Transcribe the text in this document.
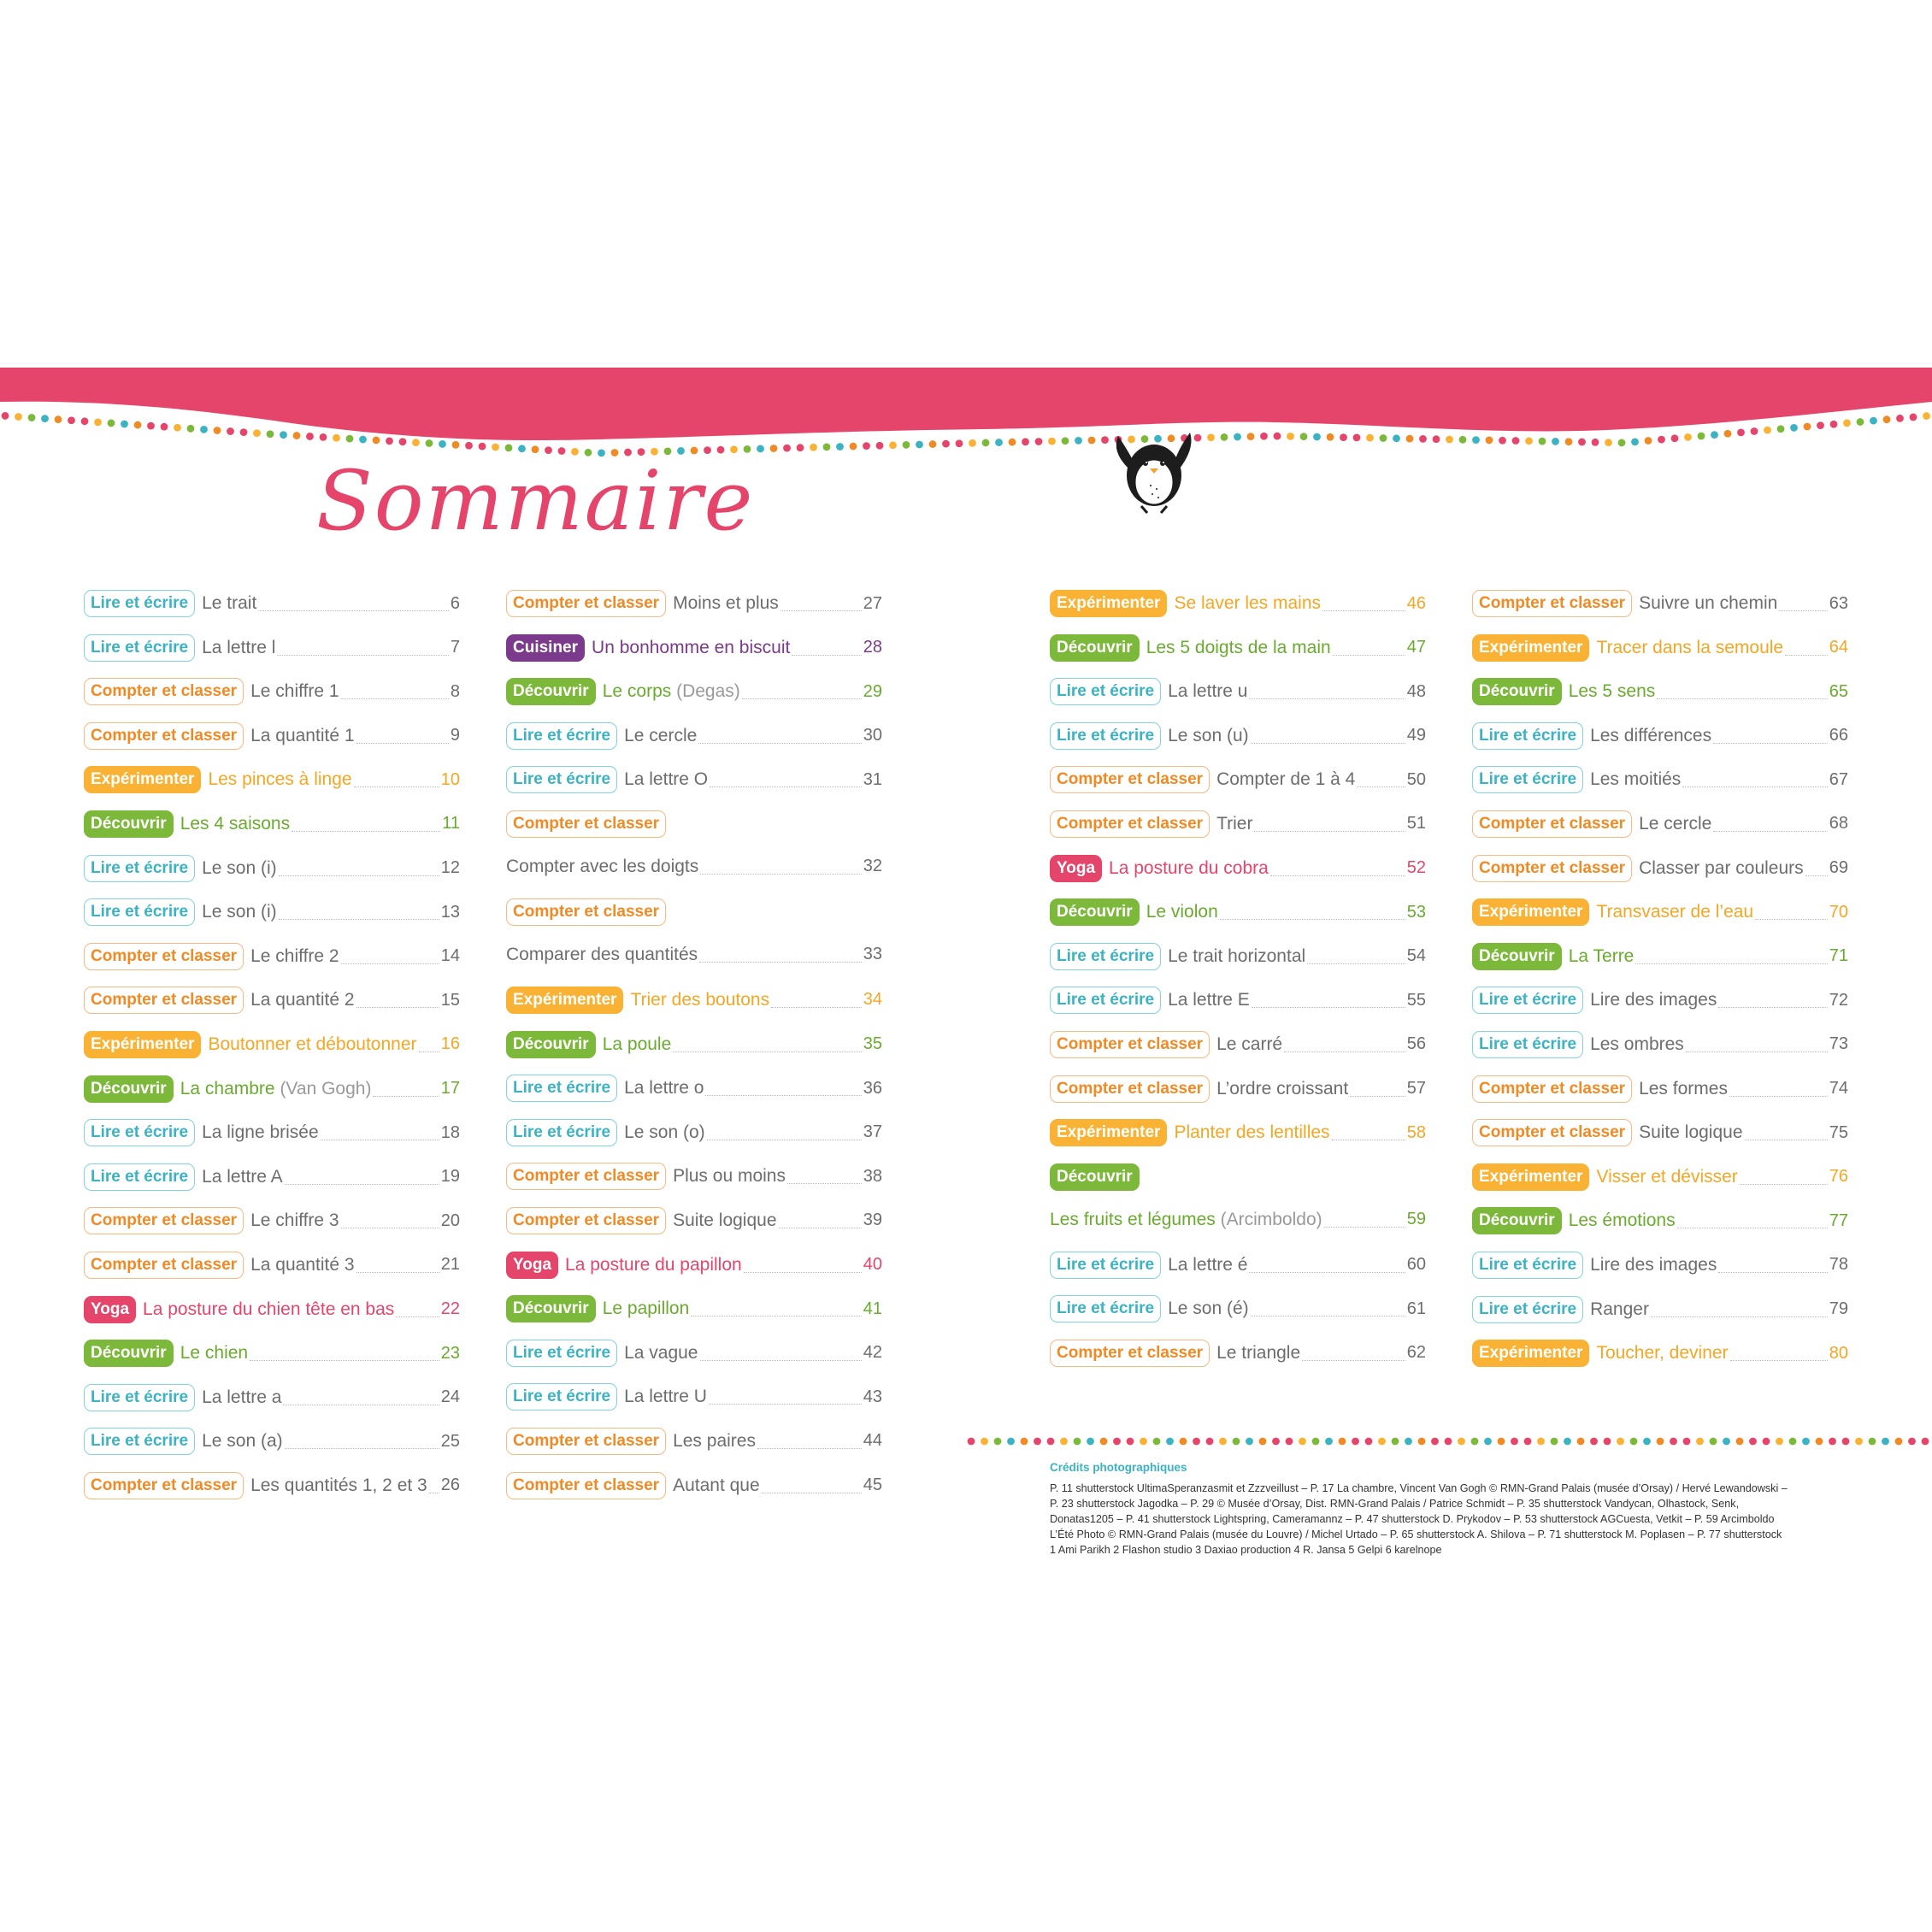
Sommaire
Lire et écrire Le trait	6
Lire et écrire La lettre l	7
Compter et classer Le chiffre 1	8
Compter et classer La quantité 1	9
Expérimenter Les pinces à linge	10
Découvrir Les 4 saisons	11
Lire et écrire Le son (i)	12
Lire et écrire Le son (i)	13
Compter et classer Le chiffre 2	14
Compter et classer La quantité 2	15
Expérimenter Boutonner et déboutonner 16
Découvrir La chambre (Van Gogh)	17
Lire et écrire La ligne brisée	18
Lire et écrire La lettre A	19
Compter et classer Le chiffre 3	20
Compter et classer La quantité 3	21
Yoga La posture du chien tête en bas	22
Découvrir Le chien	23
Lire et écrire La lettre a	24
Lire et écrire Le son (a)	25
Compter et classer Les quantités 1, 2 et 3 26
Compter et classer Moins et plus	27
Cuisiner Un bonhomme en biscuit	28
Découvrir Le corps (Degas)	29
Lire et écrire Le cercle	30
Lire et écrire La lettre O	31
Compter et classer
Compter avec les doigts	32
Compter et classer
Comparer des quantités	33
Expérimenter Trier des boutons	34
Découvrir La poule	35
Lire et écrire La lettre o	36
Lire et écrire Le son (o)	37
Compter et classer Plus ou moins	38
Compter et classer Suite logique	39
Yoga La posture du papillon	40
Découvrir Le papillon	41
Lire et écrire La vague	42
Lire et écrire La lettre U	43
Compter et classer Les paires	44
Compter et classer Autant que	45
Expérimenter Se laver les mains	46
Découvrir Les 5 doigts de la main	47
Lire et écrire La lettre u	48
Lire et écrire Le son (u)	49
Compter et classer Compter de 1 à 4	50
Compter et classer Trier	51
Yoga La posture du cobra	52
Découvrir Le violon	53
Lire et écrire Le trait horizontal	54
Lire et écrire La lettre E	55
Compter et classer Le carré	56
Compter et classer L’ordre croissant	57
Expérimenter Planter des lentilles	58
Découvrir
Les fruits et légumes (Arcimboldo)	59
Lire et écrire La lettre é	60
Lire et écrire Le son (é)	61
Compter et classer Le triangle	62
Compter et classer Suivre un chemin	63
Expérimenter Tracer dans la semoule	64
Découvrir Les 5 sens	65
Lire et écrire Les différences	66
Lire et écrire Les moitiés	67
Compter et classer Le cercle	68
Compter et classer Classer par couleurs 69
Expérimenter Transvaser de l’eau	70
Découvrir La Terre	71
Lire et écrire Lire des images	72
Lire et écrire Les ombres	73
Compter et classer Les formes	74
Compter et classer Suite logique	75
Expérimenter Visser et dévisser	76
Découvrir Les émotions	77
Lire et écrire Lire des images	78
Lire et écrire Ranger	79
Expérimenter Toucher, deviner	80
Crédits photographiques

P. 11 shutterstock UltimaSperanzasmit et Zzzveillust – P. 17 La chambre, Vincent Van Gogh © RMN-Grand Palais (musée d’Orsay) / Hervé Lewandowski –

P. 23 shutterstock Jagodka – P. 29 © Musée d’Orsay, Dist. RMN-Grand Palais / Patrice Schmidt – P. 35 shutterstock Vandycan, Olhastock, Senk,

Donatas1205 – P. 41 shutterstock Lightspring, Cameramannz – P. 47 shutterstock D. Prykodov – P. 53 shutterstock AGCuesta, Vetkit – P. 59 Arcimboldo

L’Été Photo © RMN-Grand Palais (musée du Louvre) / Michel Urtado – P. 65 shutterstock A. Shilova – P. 71 shutterstock M. Poplasen – P. 77 shutterstock

1 Ami Parikh 2 Flashon studio 3 Daxiao production 4 R. Jansa 5 Gelpi 6 karelnope
